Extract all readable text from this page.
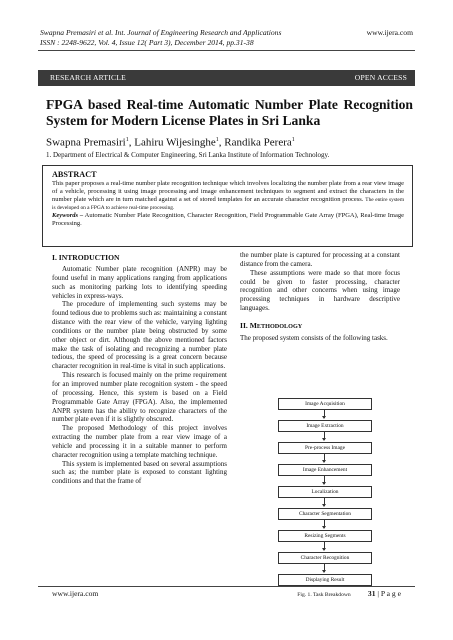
Swapna Premasiri et al. Int. Journal of Engineering Research and Applications
ISSN : 2248-9622, Vol. 4, Issue 12( Part 3), December 2014, pp.31-38
www.ijera.com
RESEARCH ARTICLE	OPEN ACCESS
FPGA based Real-time Automatic Number Plate Recognition System for Modern License Plates in Sri Lanka
Swapna Premasiri$^1$, Lahiru Wijesinghe$^1$, Randika Perera$^1$
1. Department of Electrical & Computer Engineering, Sri Lanka Institute of Information Technology.
ABSTRACT
This paper proposes a real-time number plate recognition technique which involves localizing the number plate from a rear view image of a vehicle, processing it using image processing and image enhancement techniques to segment and extract the characters in the number plate which are in turn matched against a set of stored templates for an accurate character recognition process. The entire system is developed on a FPGA to achieve real-time processing.
Keywords – Automatic Number Plate Recognition, Character Recognition, Field Programmable Gate Array (FPGA), Real-time Image Processing.
I. INTRODUCTION

Automatic Number plate recognition (ANPR) may be found useful in many applications ranging from applications such as monitoring parking lots to identifying speeding vehicles in express-ways.

The procedure of implementing such systems may be found tedious due to problems such as: maintaining a constant distance with the rear view of the vehicle, varying lighting conditions or the number plate being obstructed by some other object or dirt. Although the above mentioned factors make the task of isolating and recognizing a number plate tedious, the speed of processing is a great concern because character recognition in real-time is vital in such applications.

This research is focused mainly on the prime requirement for an improved number plate recognition system - the speed of processing. Hence, this system is based on a Field Programmable Gate Array (FPGA). Also, the implemented ANPR system has the ability to recognize characters of the number plate even if it is slightly obscured.

The proposed Methodology of this project involves extracting the number plate from a rear view image of a vehicle and processing it in a suitable manner to perform character recognition using a template matching technique.

This system is implemented based on several assumptions such as; the number plate is exposed to constant lighting conditions and that the frame of

the number plate is captured for processing at a constant distance from the camera.

These assumptions were made so that more focus could be given to faster processing, character recognition and other concerns when using image processing techniques in hardware descriptive languages.

II. METHODOLOGY

The proposed system consists of the following tasks.

Image Acquisition
Image Extraction
Pre-process Image
Image Enhancement
Localization
Character Segmentation
Resizing Segments
Character Recognition
Displaying Result
Fig. 1. Task Breakdown
www.ijera.com	31 | P a g e
